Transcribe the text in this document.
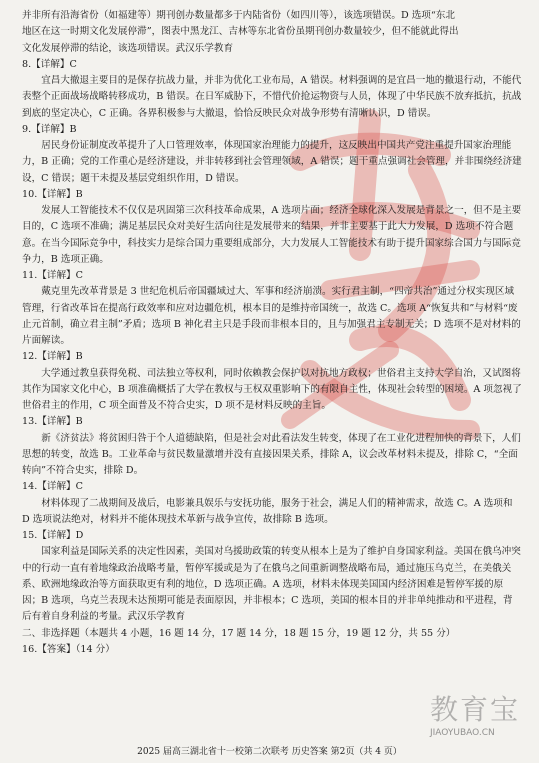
并非所有沿海省份（如福建等）期刊创办数量都多于内陆省份（如四川等），该选项错误。D 选项“东北
地区在这一时期文化发展停滞”，图表中黑龙江、吉林等东北省份虽期刊创办数量较少，但不能就此得出
文化发展停滞的结论，该选项错误。武汉乐学教育
8.【详解】C

宜昌大撤退主要目的是保存抗战力量，并非为优化工业布局，A 错误。材料强调的是宜昌一地的撤退行动，不能代表整个正面战场战略转移成功，B 错误。在日军威胁下，不惜代价抢运物资与人员，体现了中华民族不放弃抵抗，抗战到底的坚定决心，C 正确。各界积极参与大撤退，恰恰反映民众对战争形势有清晰认识，D 错误。

9.【详解】B

居民身份证制度改革提升了人口管理效率，体现国家治理能力的提升，这反映出中国共产党注重提升国家治理能力，B 正确；党的工作重心是经济建设，并非转移到社会管理领域，A 错误；题干重点强调社会管理，并非围绕经济建设，C 错误；题干未提及基层党组织作用，D 错误。

10.【详解】B

发展人工智能技术不仅仅是巩固第三次科技革命成果，A 选项片面；经济全球化深入发展是背景之一，但不是主要目的，C 选项不准确；满足基层民众对美好生活向往是发展带来的结果，并非主要基于此大力发展，D 选项不符合题意。在当今国际竞争中，科技实力是综合国力重要组成部分，大力发展人工智能技术有助于提升国家综合国力与国际竞争力，B 选项正确。

11.【详解】C

戴克里先改革背景是 3 世纪危机后帝国疆域过大、军事和经济崩溃。实行君主制，“四帝共治”通过分权实现区域管理，行省改革旨在提高行政效率和应对边疆危机，根本目的是维持帝国统一，故选 C。选项 A“恢复共和”与材料“废止元首制，确立君主制”矛盾；选项 B 神化君主只是手段而非根本目的，且与加强君主专制无关；D 选项不是对材料的片面解读。

12.【详解】B

大学通过教皇获得免税、司法独立等权利，同时依赖教会保护以对抗地方政权；世俗君主支持大学自治，又试图将其作为国家文化中心，B 项准确概括了大学在教权与王权双重影响下的有限自主性，体现社会转型的困境。A 项忽视了世俗君主的作用，C 项全面普及不符合史实，D 项不是材料反映的主旨。

13.【详解】B

新《济贫法》将贫困归咎于个人道德缺陷，但是社会对此看法发生转变，体现了在工业化进程加快的背景下，人们思想的转变，故选 B。工业革命与贫民数量激增并没有直接因果关系，排除 A，议会改革材料未提及，排除 C，“全面转向”不符合史实，排除 D。

14.【详解】C

材料体现了二战期间及战后，电影兼具娱乐与安抚功能，服务于社会，满足人们的精神需求，故选 C。A 选项和 D 选项说法绝对，材料并不能体现技术革新与战争宣传，故排除 B 选项。

15.【详解】D

国家利益是国际关系的决定性因素，美国对乌援助政策的转变从根本上是为了维护自身国家利益。美国在俄乌冲突中的行动一直有着地缘政治战略考量，暂停军援或是为了在俄乌之间重新调整战略布局，通过施压乌克兰，在美俄关系、欧洲地缘政治等方面获取更有利的地位，D 选项正确。A 选项，材料未体现美国国内经济困难是暂停军援的原因；B 选项，乌克兰表现未达预期可能是表面原因，并非根本；C 选项，美国的根本目的并非单纯推动和平进程，背后有着自身利益的考量。武汉乐学教育

二、非选择题（本题共 4 小题，16 题 14 分，17 题 14 分，18 题 15 分，19 题 12 分，共 55 分）
16.【答案】（14 分）
教育宝
JIAOYUBAO.CN
2025 届高三湖北省十一校第二次联考 历史答案 第2页（共 4 页）
